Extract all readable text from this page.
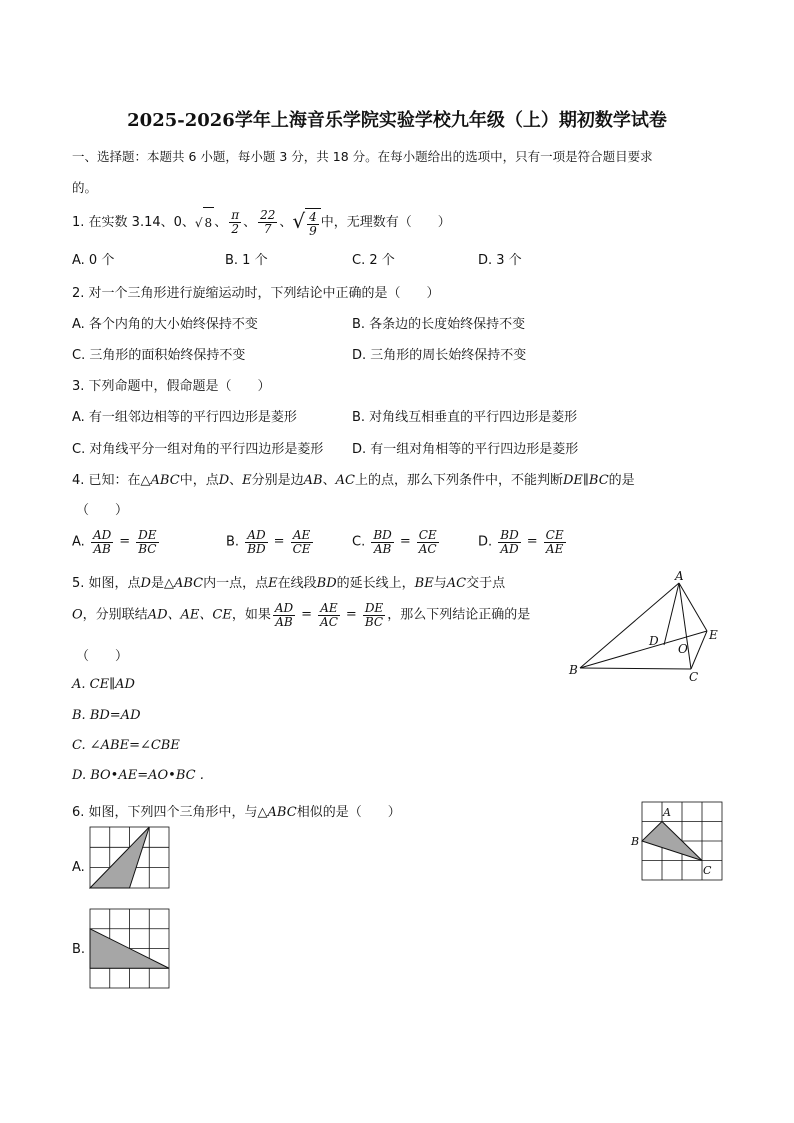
2025-2026学年上海音乐学院实验学校九年级（上）期初数学试卷
一、选择题：本题共 6 小题，每小题 3 分，共 18 分。在每小题给出的选项中，只有一项是符合题目要求
的。
1. 在实数 3.14、0、√ 8 、 $\frac{\pi}{2}$ 、 $\frac{22}{7}$ 、√ $\frac{4}{9}$ 中，无理数有（　　）
A. 0 个	B. 1 个	C. 2 个	D. 3 个
2. 对一个三角形进行旋缩运动时，下列结论中正确的是（　　）
A. 各个内角的大小始终保持不变	B. 各条边的长度始终保持不变
C. 三角形的面积始终保持不变	D. 三角形的周长始终保持不变
3. 下列命题中，假命题是（　　）
A. 有一组邻边相等的平行四边形是菱形	B. 对角线互相垂直的平行四边形是菱形
C. 对角线平分一组对角的平行四边形是菱形 D. 有一组对角相等的平行四边形是菱形
4. 已知：在△ABC中，点D、E分别是边AB、AC上的点，那么下列条件中，不能判断DE∥BC的是
（　　）
A. $\frac{AD}{AB} = \frac{DE}{BC}$	B. $\frac{AD}{BD} = \frac{AE}{CE}$	C. $\frac{BD}{AB} = \frac{CE}{AC}$	D. $\frac{BD}{AD} = \frac{CE}{AE}$
5. 如图，点D是△ABC内一点，点E在线段BD的延长线上，BE与AC交于点
O，分别联结AD、AE、CE，如果 $\frac{AD}{AB} = \frac{AE}{AC} = \frac{DE}{BC}$ ，那么下列结论正确的是
（　　）
A. CE∥AD
B. BD=AD
C. ∠ABE=∠CBE
D. BO•AE=AO•BC .
A
B	C
D	E
O
6. 如图，下列四个三角形中，与△ABC相似的是（　　）	A
B
C
A.
B.
